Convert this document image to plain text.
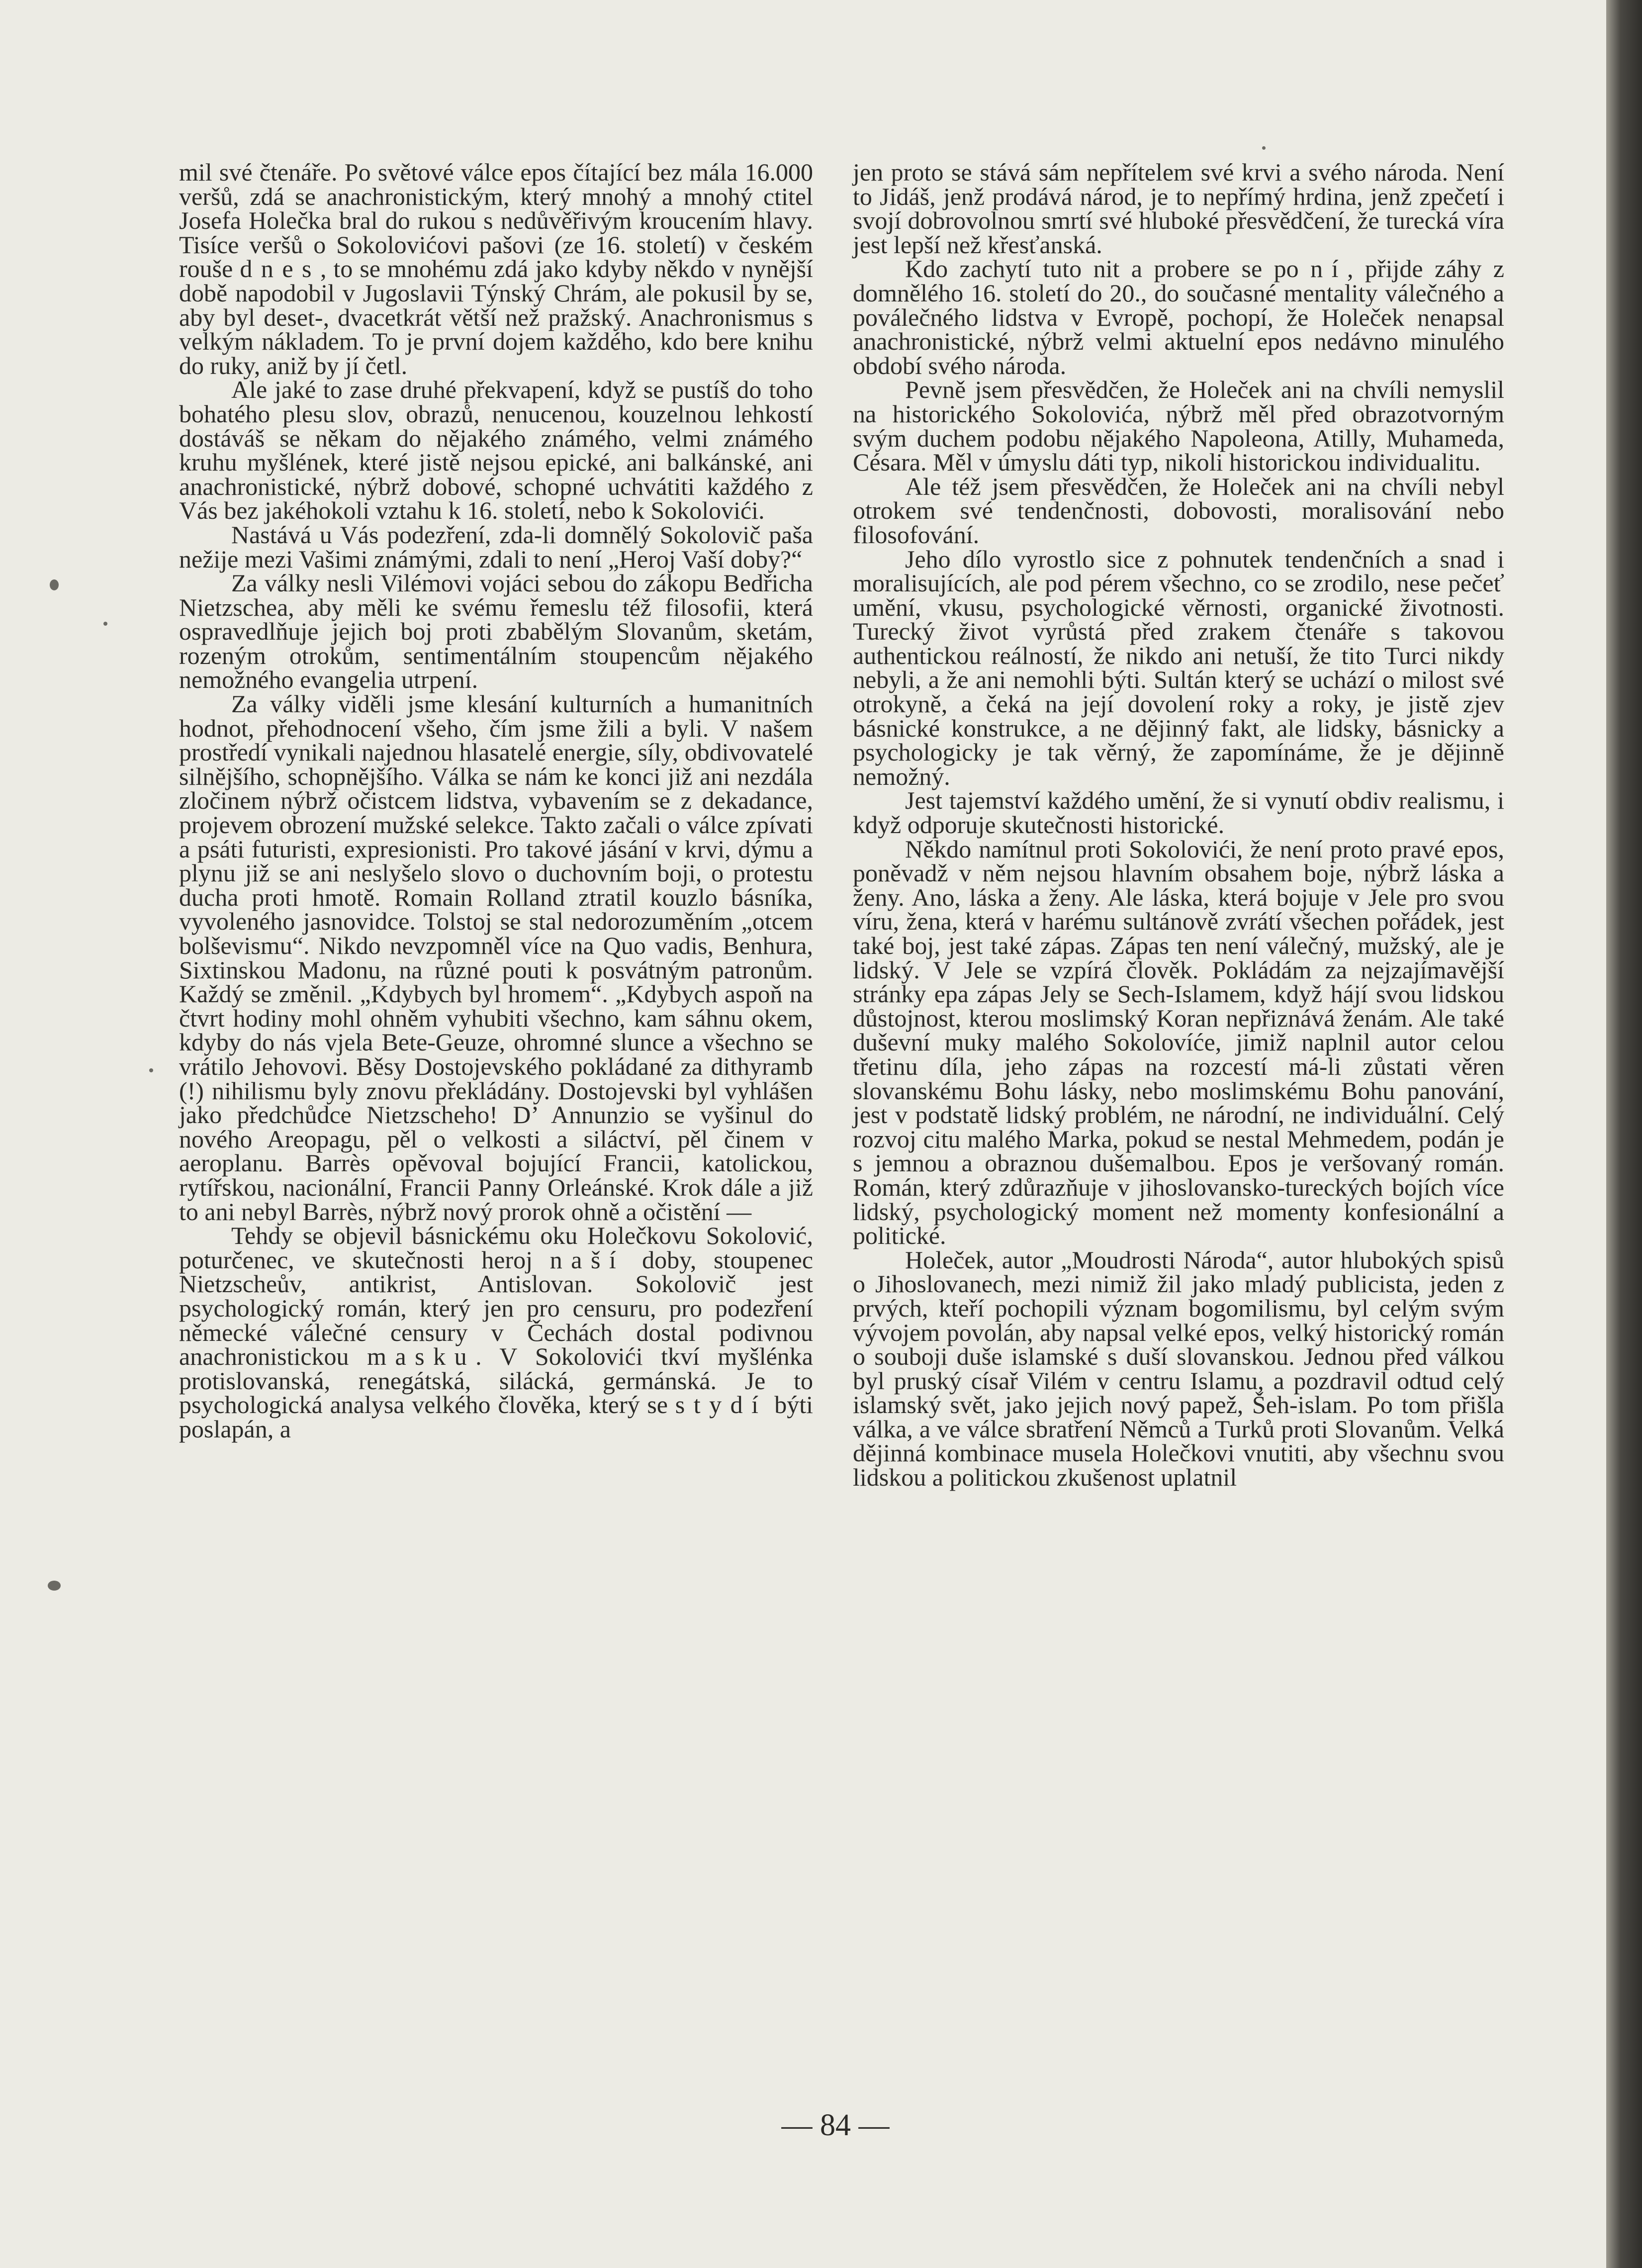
mil své čtenáře. Po světové válce epos čítající bez mála 16.000 veršů, zdá se anachronistickým, který mnohý a mnohý ctitel Josefa Holečka bral do rukou s nedůvěřivým kroucením hlavy. Tisíce veršů o Sokolovićovi pašovi (ze 16. století) v českém rouše dnes, to se mnohému zdá jako kdyby někdo v nynější době napodobil v Jugoslavii Týnský Chrám, ale pokusil by se, aby byl deset-, dvacetkrát větší než pražský. Anachronismus s velkým nákladem. To je první dojem každého, kdo bere knihu do ruky, aniž by jí četl.

Ale jaké to zase druhé překvapení, když se pustíš do toho bohatého plesu slov, obrazů, nenucenou, kouzelnou lehkostí dostáváš se někam do nějakého známého, velmi známého kruhu myšlének, které jistě nejsou epické, ani balkánské, ani anachronistické, nýbrž dobové, schopné uchvátiti každého z Vás bez jakéhokoli vztahu k 16. století, nebo k Sokolovići.

Nastává u Vás podezření, zda-li domnělý Sokolovič paša nežije mezi Vašimi známými, zdali to není „Heroj Vaší doby?“

Za války nesli Vilémovi vojáci sebou do zákopu Bedřicha Nietzschea, aby měli ke svému řemeslu též filosofii, která ospravedlňuje jejich boj proti zbabělým Slovanům, sketám, rozeným otrokům, sentimentálním stoupencům nějakého nemožného evangelia utrpení.

Za války viděli jsme klesání kulturních a humanitních hodnot, přehodnocení všeho, čím jsme žili a byli. V našem prostředí vynikali najednou hlasatelé energie, síly, obdivovatelé silnějšího, schopnějšího. Válka se nám ke konci již ani nezdála zločinem nýbrž očistcem lidstva, vybavením se z dekadance, projevem obrození mužské selekce. Takto začali o válce zpívati a psáti futuristi, expresionisti. Pro takové jásání v krvi, dýmu a plynu již se ani neslyšelo slovo o duchovním boji, o protestu ducha proti hmotě. Romain Rolland ztratil kouzlo básníka, vyvoleného jasnovidce. Tolstoj se stal nedorozuměním „otcem bolševismu“. Nikdo nevzpomněl více na Quo vadis, Benhura, Sixtinskou Madonu, na různé pouti k posvátným patronům. Každý se změnil. „Kdybych byl hromem“. „Kdybych aspoň na čtvrt hodiny mohl ohněm vyhubiti všechno, kam sáhnu okem, kdyby do nás vjela Bete-Geuze, ohromné slunce a všechno se vrátilo Jehovovi. Běsy Dostojevského pokládané za dithyramb (!) nihilismu byly znovu překládány. Dostojevski byl vyhlášen jako předchůdce Nietzscheho! D’ Annunzio se vyšinul do nového Areopagu, pěl o velkosti a siláctví, pěl činem v aeroplanu. Barrès opěvoval bojující Francii, katolickou, rytířskou, nacionální, Francii Panny Orleánské. Krok dále a již to ani nebyl Barrès, nýbrž nový prorok ohně a očistění —

Tehdy se objevil básnickému oku Holečkovu Sokolović, poturčenec, ve skutečnosti heroj naší doby, stoupenec Nietzscheův, antikrist, Antislovan. Sokolovič jest psychologický román, který jen pro censuru, pro podezření německé válečné censury v Čechách dostal podivnou anachronistickou masku. V Sokolovići tkví myšlénka protislovanská, renegátská, silácká, germánská. Je to psychologická analysa velkého člověka, který se stydí býti poslapán, a

jen proto se stává sám nepřítelem své krvi a svého národa. Není to Jidáš, jenž prodává národ, je to nepřímý hrdina, jenž zpečetí i svojí dobrovolnou smrtí své hluboké přesvědčení, že turecká víra jest lepší než křesťanská.

Kdo zachytí tuto nit a probere se po ní, přijde záhy z domnělého 16. století do 20., do současné mentality válečného a poválečného lidstva v Evropě, pochopí, že Holeček nenapsal anachronistické, nýbrž velmi aktuelní epos nedávno minulého období svého národa.

Pevně jsem přesvědčen, že Holeček ani na chvíli nemyslil na historického Sokolovića, nýbrž měl před obrazotvorným svým duchem podobu nějakého Napoleona, Atilly, Muhameda, Césara. Měl v úmyslu dáti typ, nikoli historickou individualitu.

Ale též jsem přesvědčen, že Holeček ani na chvíli nebyl otrokem své tendenčnosti, dobovosti, moralisování nebo filosofování.

Jeho dílo vyrostlo sice z pohnutek tendenčních a snad i moralisujících, ale pod pérem všechno, co se zrodilo, nese pečeť umění, vkusu, psychologické věrnosti, organické životnosti. Turecký život vyrůstá před zrakem čtenáře s takovou authentickou reálností, že nikdo ani netuší, že tito Turci nikdy nebyli, a že ani nemohli býti. Sultán který se uchází o milost své otrokyně, a čeká na její dovolení roky a roky, je jistě zjev básnické konstrukce, a ne dějinný fakt, ale lidsky, básnicky a psychologicky je tak věrný, že zapomínáme, že je dějinně nemožný.

Jest tajemství každého umění, že si vynutí obdiv realismu, i když odporuje skutečnosti historické.

Někdo namítnul proti Sokolovići, že není proto pravé epos, poněvadž v něm nejsou hlavním obsahem boje, nýbrž láska a ženy. Ano, láska a ženy. Ale láska, která bojuje v Jele pro svou víru, žena, která v harému sultánově zvrátí všechen pořádek, jest také boj, jest také zápas. Zápas ten není válečný, mužský, ale je lidský. V Jele se vzpírá člověk. Pokládám za nejzajímavější stránky epa zápas Jely se Sech-Islamem, když hájí svou lidskou důstojnost, kterou moslimský Koran nepřiznává ženám. Ale také duševní muky malého Sokolovíće, jimiž naplnil autor celou třetinu díla, jeho zápas na rozcestí má-li zůstati věren slovanskému Bohu lásky, nebo moslimskému Bohu panování, jest v podstatě lidský problém, ne národní, ne individuální. Celý rozvoj citu malého Marka, pokud se nestal Mehmedem, podán je s jemnou a obraznou dušemalbou. Epos je veršovaný román. Román, který zdůrazňuje v jihoslovansko-tureckých bojích více lidský, psychologický moment než momenty konfesionální a politické.

Holeček, autor „Moudrosti Národa“, autor hlubokých spisů o Jihoslovanech, mezi nimiž žil jako mladý publicista, jeden z prvých, kteří pochopili význam bogomilismu, byl celým svým vývojem povolán, aby napsal velké epos, velký historický román o souboji duše islamské s duší slovanskou. Jednou před válkou byl pruský císař Vilém v centru Islamu, a pozdravil odtud celý islamský svět, jako jejich nový papež, Šeh-islam. Po tom přišla válka, a ve válce sbratření Němců a Turků proti Slovanům. Velká dějinná kombinace musela Holečkovi vnutiti, aby všechnu svou lidskou a politickou zkušenost uplatnil

— 84 —
